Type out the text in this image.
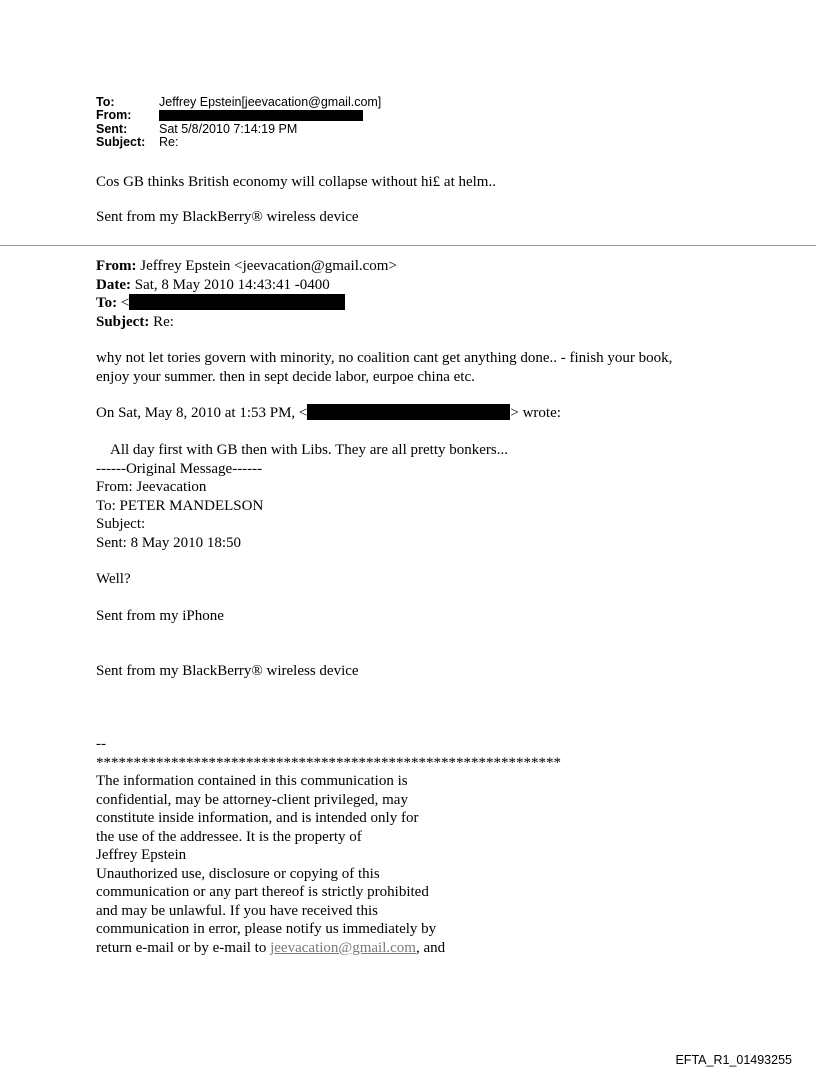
To:	Jeffrey Epstein[jeevacation@gmail.com]
From:
Sent:	Sat 5/8/2010 7:14:19 PM
Subject:	Re:
Cos GB thinks British economy will collapse without hi£ at helm..
Sent from my BlackBerry® wireless device
From: Jeffrey Epstein <jeevacation@gmail.com>
Date: Sat, 8 May 2010 14:43:41 -0400
To: <
Subject: Re:
why not let tories govern with minority, no coalition cant get anything done.. - finish your book,
enjoy your summer. then in sept decide labor, eurpoe china etc.
On Sat, May 8, 2010 at 1:53 PM, <	> wrote:
All day first with GB then with Libs. They are all pretty bonkers...
------Original Message------
From: Jeevacation
To: PETER MANDELSON
Subject:
Sent: 8 May 2010 18:50
Well?
Sent from my iPhone
Sent from my BlackBerry® wireless device
--
**************************************************************
The information contained in this communication is
confidential, may be attorney-client privileged, may
constitute inside information, and is intended only for
the use of the addressee. It is the property of
Jeffrey Epstein
Unauthorized use, disclosure or copying of this
communication or any part thereof is strictly prohibited
and may be unlawful. If you have received this
communication in error, please notify us immediately by
return e-mail or by e-mail to jeevacation@gmail.com, and
EFTA_R1_01493255
